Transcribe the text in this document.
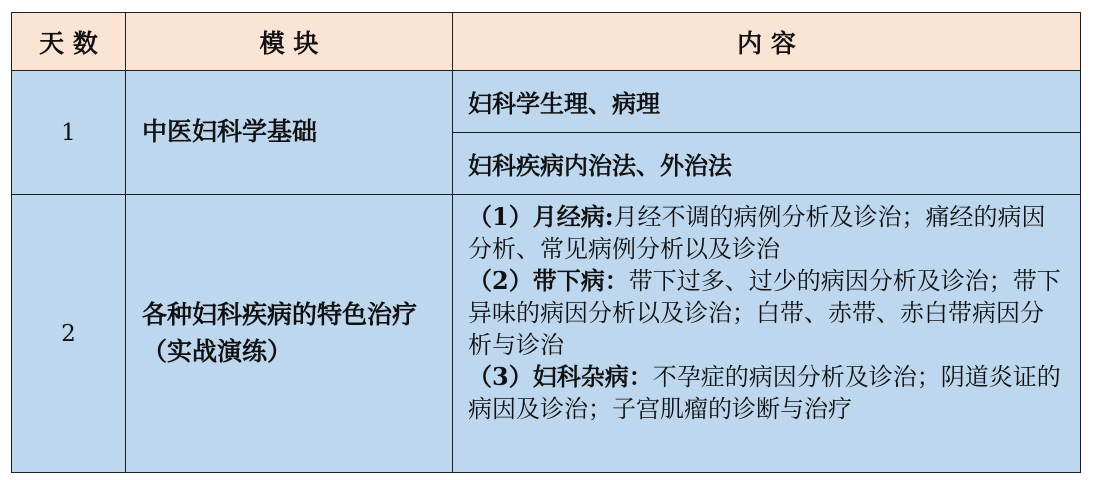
天 数	模 块	内 容
1	中医妇科学基础	妇科学生理、病理
		妇科疾病内治法、外治法
2	各种妇科疾病的特色治疗（实战演练）	（1）月经病:月经不调的病例分析及诊治；痛经的病因分析、常见病例分析以及诊治

（2）带下病：带下过多、过少的病因分析及诊治；带下异味的病因分析以及诊治；白带、赤带、赤白带病因分析与诊治

（3）妇科杂病：不孕症的病因分析及诊治；阴道炎证的病因及诊治；子宫肌瘤的诊断与治疗
